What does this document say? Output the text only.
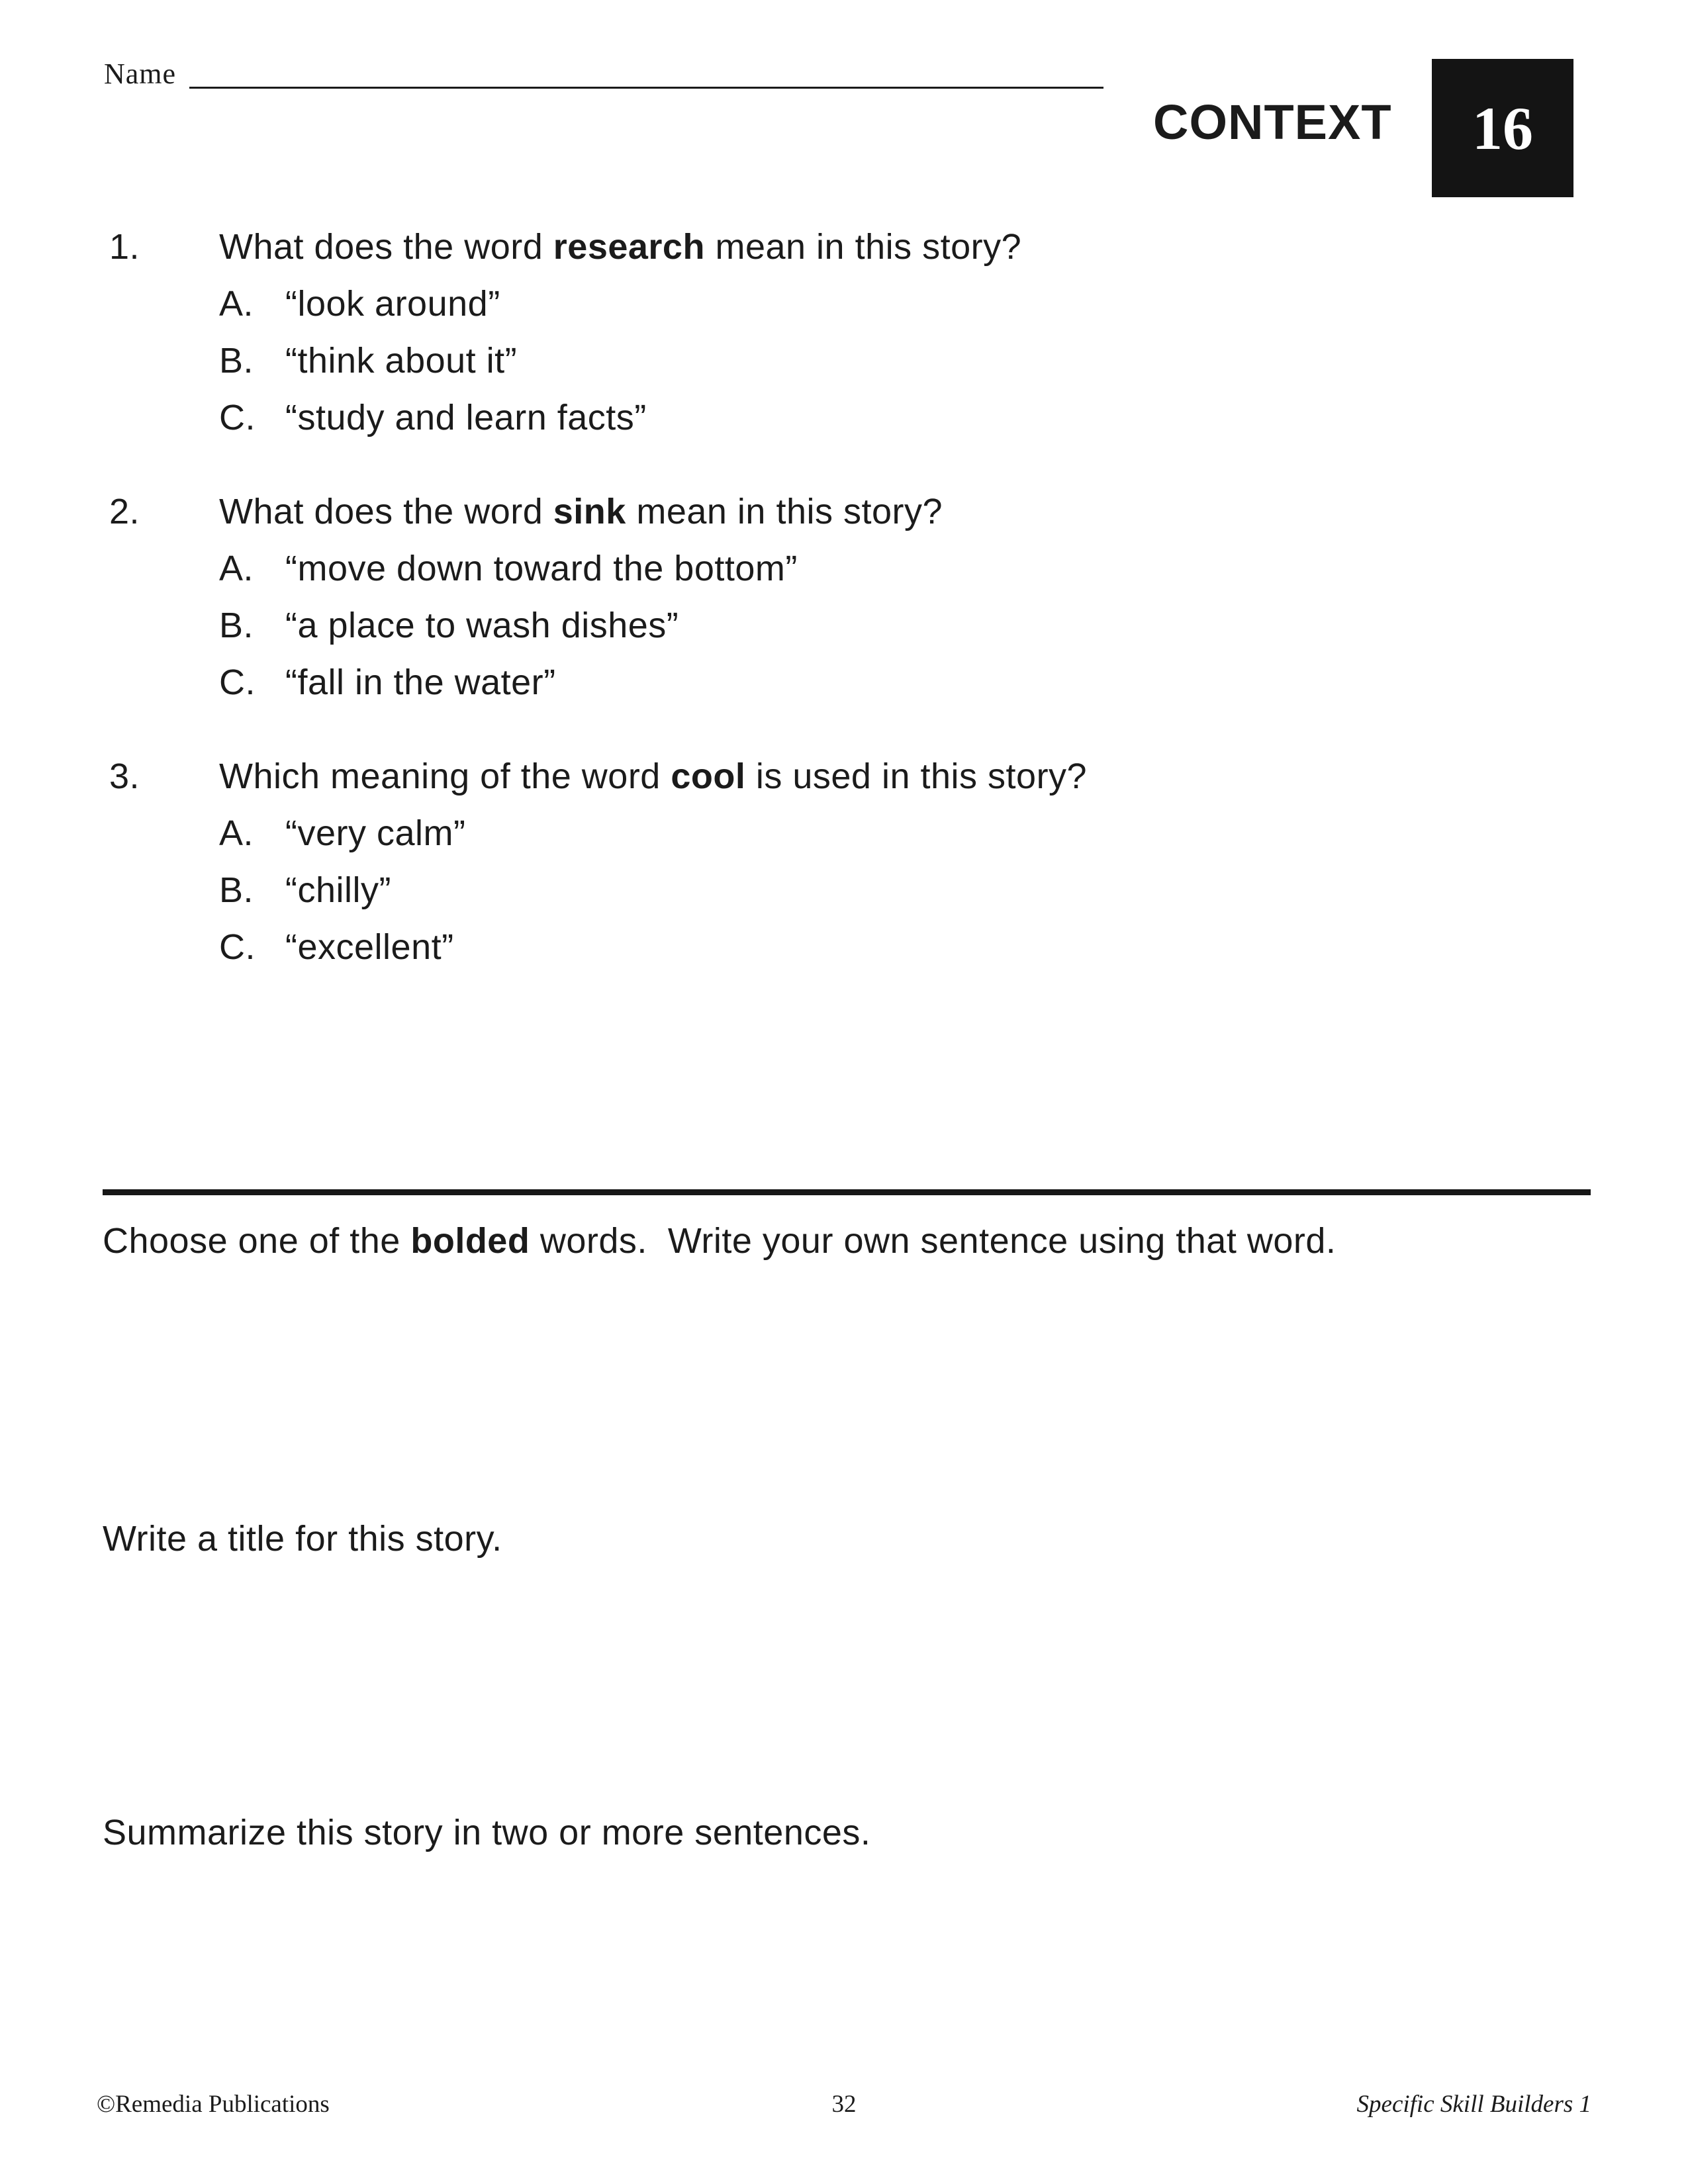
Name
CONTEXT 16
1.	What does the word research mean in this story?
A. “look around”
B. “think about it”
C. “study and learn facts”
2.	What does the word sink mean in this story?
A. “move down toward the bottom”
B. “a place to wash dishes”
C. “fall in the water”
3.	Which meaning of the word cool is used in this story?
A. “very calm”
B. “chilly”
C. “excellent”
Choose one of the bolded words.  Write your own sentence using that word.
Write a title for this story.
Summarize this story in two or more sentences.
©Remedia Publications	32	Specific Skill Builders 1
